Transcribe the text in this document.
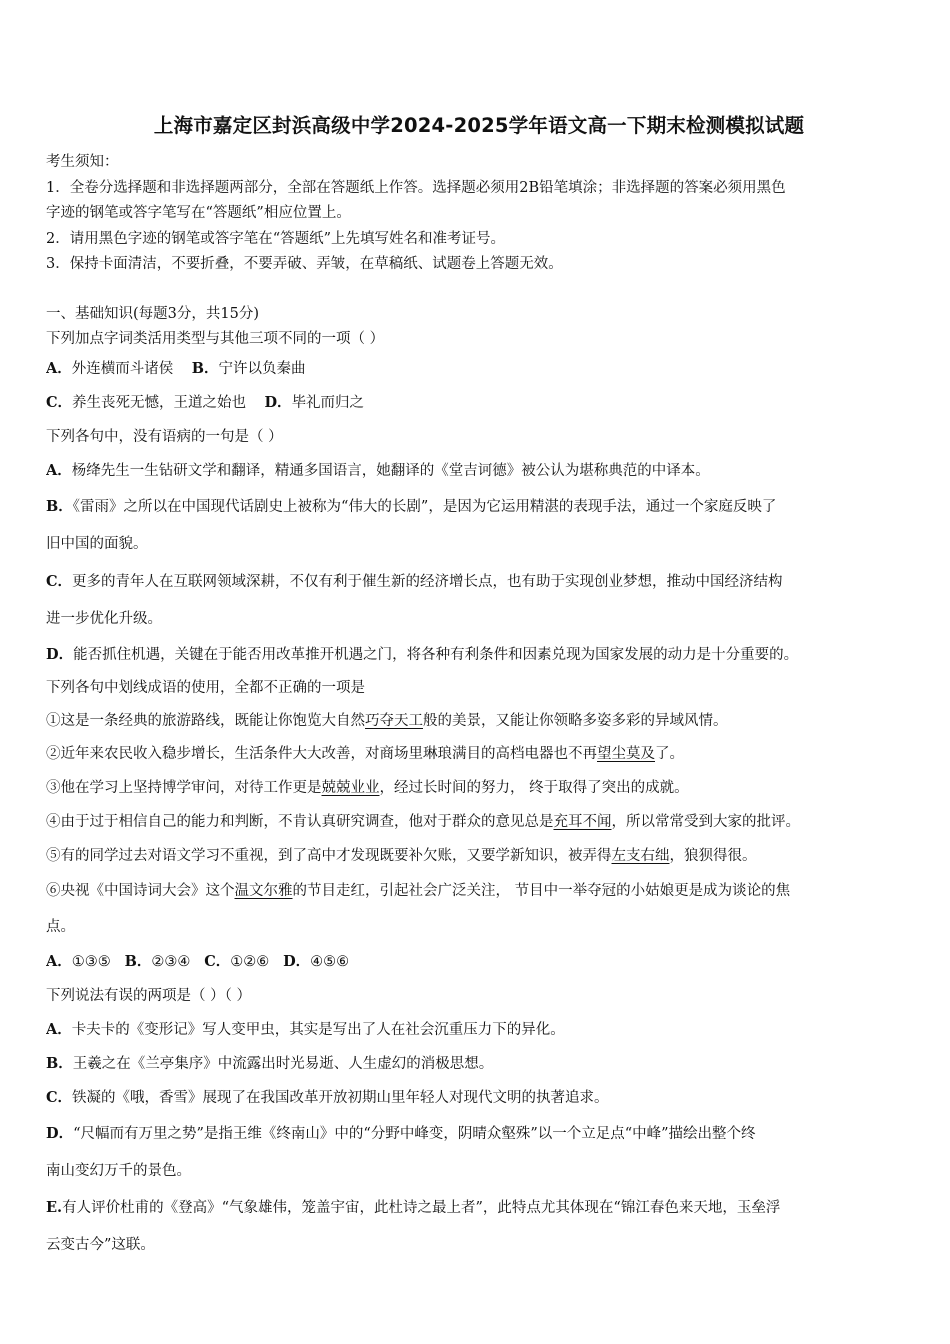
上海市嘉定区封浜高级中学2024-2025学年语文高一下期末检测模拟试题
考生须知：
1．全卷分选择题和非选择题两部分，全部在答题纸上作答。选择题必须用2B铅笔填涂；非选择题的答案必须用黑色
字迹的钢笔或答字笔写在“答题纸”相应位置上。
2．请用黑色字迹的钢笔或答字笔在“答题纸”上先填写姓名和准考证号。
3．保持卡面清洁，不要折叠，不要弄破、弄皱，在草稿纸、试题卷上答题无效。
一、基础知识(每题3分，共15分)
下列加点字词类活用类型与其他三项不同的一项（ ）
A．外连横而斗诸侯 B．宁许以负秦曲
C．养生丧死无憾，王道之始也 D．毕礼而归之
下列各句中，没有语病的一句是（ ）
A．杨绛先生一生钻研文学和翻译，精通多国语言，她翻译的《堂吉诃德》被公认为堪称典范的中译本。
B．《雷雨》之所以在中国现代话剧史上被称为“伟大的长剧”，是因为它运用精湛的表现手法，通过一个家庭反映了
旧中国的面貌。
C．更多的青年人在互联网领域深耕，不仅有利于催生新的经济增长点，也有助于实现创业梦想，推动中国经济结构
进一步优化升级。
D．能否抓住机遇，关键在于能否用改革推开机遇之门，将各种有利条件和因素兑现为国家发展的动力是十分重要的。
下列各句中划线成语的使用，全都不正确的一项是
①这是一条经典的旅游路线，既能让你饱览大自然巧夺天工般的美景，又能让你领略多姿多彩的异域风情。
②近年来农民收入稳步增长，生活条件大大改善，对商场里琳琅满目的高档电器也不再望尘莫及了。
③他在学习上坚持博学审问，对待工作更是兢兢业业，经过长时间的努力， 终于取得了突出的成就。
④由于过于相信自己的能力和判断，不肯认真研究调查，他对于群众的意见总是充耳不闻，所以常常受到大家的批评。
⑤有的同学过去对语文学习不重视，到了高中才发现既要补欠账，又要学新知识，被弄得左支右绌，狼狈得很。
⑥央视《中国诗词大会》这个温文尔雅的节目走红，引起社会广泛关注， 节目中一举夺冠的小姑娘更是成为谈论的焦
点。
A．①③⑤ B．②③④ C．①②⑥ D．④⑤⑥
下列说法有误的两项是（ ）（ ）
A．卡夫卡的《变形记》写人变甲虫，其实是写出了人在社会沉重压力下的异化。
B．王羲之在《兰亭集序》中流露出时光易逝、人生虚幻的消极思想。
C．铁凝的《哦，香雪》展现了在我国改革开放初期山里年轻人对现代文明的执著追求。
D．“尺幅而有万里之势”是指王维《终南山》中的“分野中峰变，阴晴众壑殊”以一个立足点“中峰”描绘出整个终
南山变幻万千的景色。
E.有人评价杜甫的《登高》“气象雄伟，笼盖宇宙，此杜诗之最上者”，此特点尤其体现在“锦江春色来天地，玉垒浮
云变古今”这联。
